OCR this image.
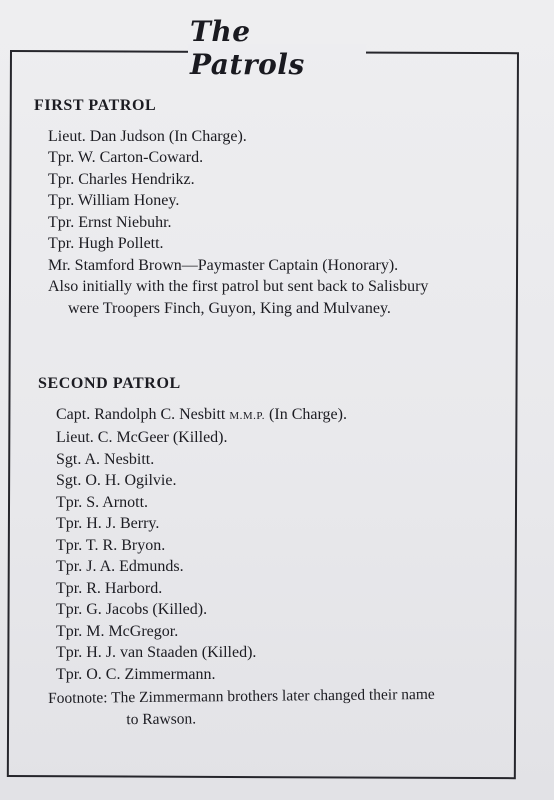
The Patrols
FIRST PATROL
Lieut. Dan Judson (In Charge).
Tpr. W. Carton-Coward.
Tpr. Charles Hendrikz.
Tpr. William Honey.
Tpr. Ernst Niebuhr.
Tpr. Hugh Pollett.
Mr. Stamford Brown—Paymaster Captain (Honorary).
Also initially with the first patrol but sent back to Salisbury
were Troopers Finch, Guyon, King and Mulvaney.
SECOND PATROL
Capt. Randolph C. Nesbitt M.M.P. (In Charge).
Lieut. C. McGeer (Killed).
Sgt. A. Nesbitt.
Sgt. O. H. Ogilvie.
Tpr. S. Arnott.
Tpr. H. J. Berry.
Tpr. T. R. Bryon.
Tpr. J. A. Edmunds.
Tpr. R. Harbord.
Tpr. G. Jacobs (Killed).
Tpr. M. McGregor.
Tpr. H. J. van Staaden (Killed).
Tpr. O. C. Zimmermann.
Footnote: The Zimmermann brothers later changed their name
to Rawson.
